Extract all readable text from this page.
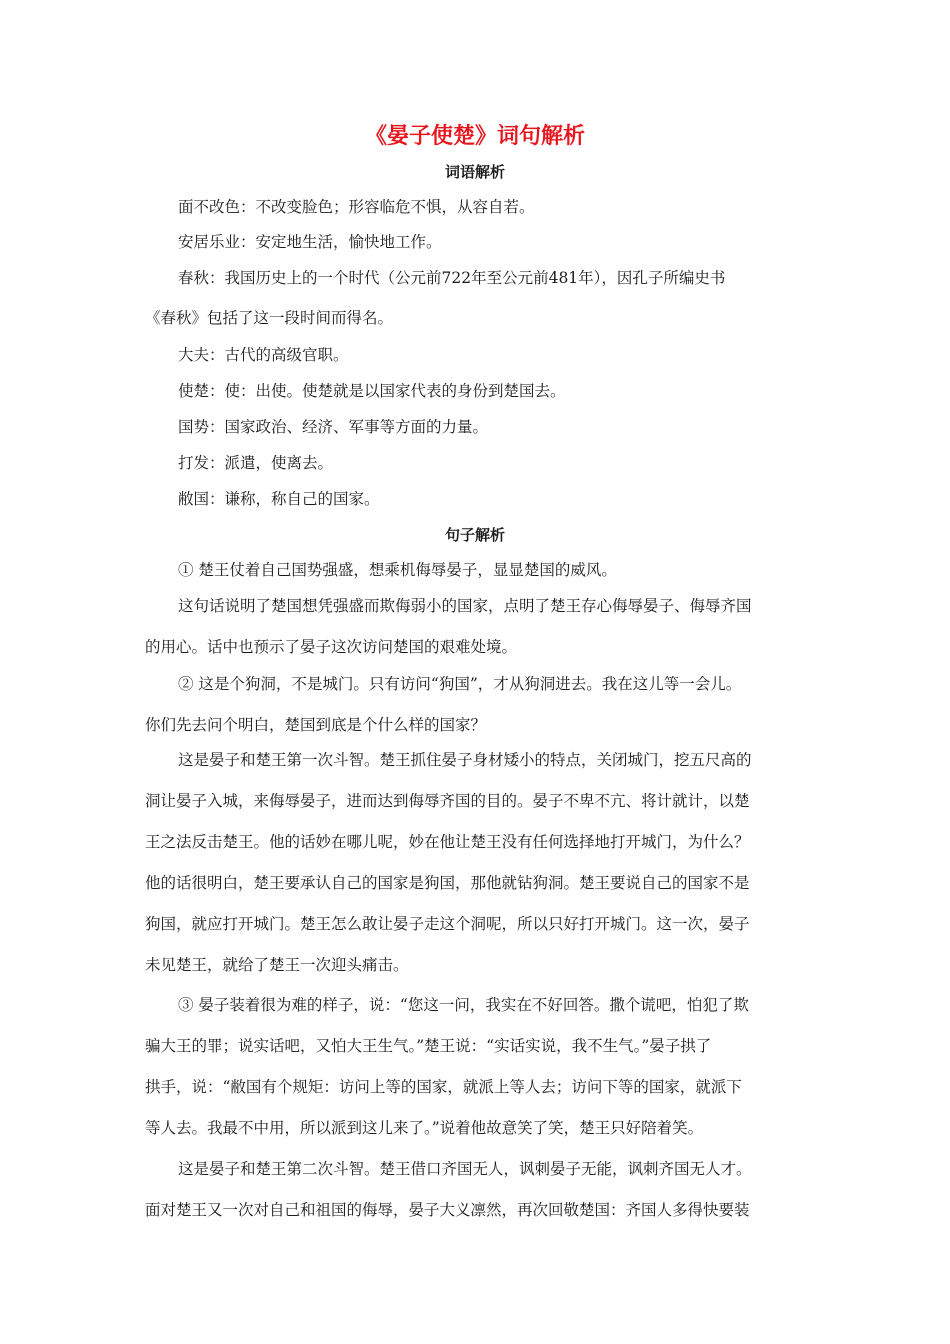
《晏子使楚》词句解析
词语解析
面不改色：不改变脸色；形容临危不惧，从容自若。
安居乐业：安定地生活，愉快地工作。
春秋：我国历史上的一个时代（公元前722年至公元前481年），因孔子所编史书
《春秋》包括了这一段时间而得名。
大夫：古代的高级官职。
使楚：使：出使。使楚就是以国家代表的身份到楚国去。
国势：国家政治、经济、军事等方面的力量。
打发：派遣，使离去。
敝国：谦称，称自己的国家。
句子解析
① 楚王仗着自己国势强盛，想乘机侮辱晏子，显显楚国的威风。
这句话说明了楚国想凭强盛而欺侮弱小的国家，点明了楚王存心侮辱晏子、侮辱齐国
的用心。话中也预示了晏子这次访问楚国的艰难处境。
② 这是个狗洞，不是城门。只有访问“狗国”，才从狗洞进去。我在这儿等一会儿。
你们先去问个明白，楚国到底是个什么样的国家？
这是晏子和楚王第一次斗智。楚王抓住晏子身材矮小的特点，关闭城门，挖五尺高的
洞让晏子入城，来侮辱晏子，进而达到侮辱齐国的目的。晏子不卑不亢、将计就计，以楚
王之法反击楚王。他的话妙在哪儿呢，妙在他让楚王没有任何选择地打开城门，为什么？
他的话很明白，楚王要承认自己的国家是狗国，那他就钻狗洞。楚王要说自己的国家不是
狗国，就应打开城门。楚王怎么敢让晏子走这个洞呢，所以只好打开城门。这一次，晏子
未见楚王，就给了楚王一次迎头痛击。
③ 晏子装着很为难的样子，说：“您这一问，我实在不好回答。撒个谎吧，怕犯了欺
骗大王的罪；说实话吧，又怕大王生气。”楚王说：“实话实说，我不生气。”晏子拱了
拱手，说：“敝国有个规矩：访问上等的国家，就派上等人去；访问下等的国家，就派下
等人去。我最不中用，所以派到这儿来了。”说着他故意笑了笑，楚王只好陪着笑。
这是晏子和楚王第二次斗智。楚王借口齐国无人，讽刺晏子无能，讽刺齐国无人才。
面对楚王又一次对自己和祖国的侮辱，晏子大义凛然，再次回敬楚国：齐国人多得快要装
